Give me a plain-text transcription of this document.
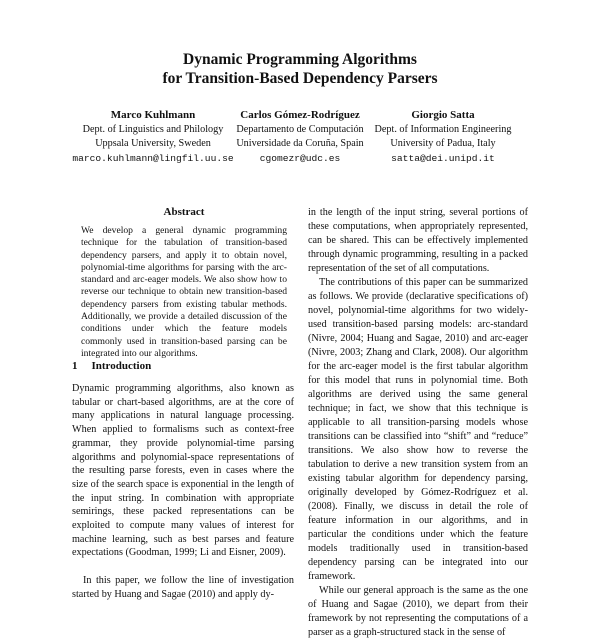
Dynamic Programming Algorithms
for Transition-Based Dependency Parsers
Marco Kuhlmann
Dept. of Linguistics and Philology
Uppsala University, Sweden
marco.kuhlmann@lingfil.uu.se
Carlos Gómez-Rodríguez
Departamento de Computación
Universidade da Coruña, Spain
cgomezr@udc.es
Giorgio Satta
Dept. of Information Engineering
University of Padua, Italy
satta@dei.unipd.it
Abstract

We develop a general dynamic programming technique for the tabulation of transition-based dependency parsers, and apply it to obtain novel, polynomial-time algorithms for parsing with the arc-standard and arc-eager models. We also show how to reverse our technique to obtain new transition-based dependency parsers from existing tabular methods. Additionally, we provide a detailed discussion of the conditions under which the feature models commonly used in transition-based parsing can be integrated into our algorithms.

1 Introduction

Dynamic programming algorithms, also known as tabular or chart-based algorithms, are at the core of many applications in natural language processing. When applied to formalisms such as context-free grammar, they provide polynomial-time parsing algorithms and polynomial-space representations of the resulting parse forests, even in cases where the size of the search space is exponential in the length of the input string. In combination with appropriate semirings, these packed representations can be exploited to compute many values of interest for machine learning, such as best parses and feature expectations (Goodman, 1999; Li and Eisner, 2009).

In this paper, we follow the line of investigation started by Huang and Sagae (2010) and apply dy-

in the length of the input string, several portions of these computations, when appropriately represented, can be shared. This can be effectively implemented through dynamic programming, resulting in a packed representation of the set of all computations.

The contributions of this paper can be summarized as follows. We provide (declarative specifications of) novel, polynomial-time algorithms for two widely-used transition-based parsing models: arc-standard (Nivre, 2004; Huang and Sagae, 2010) and arc-eager (Nivre, 2003; Zhang and Clark, 2008). Our algorithm for the arc-eager model is the first tabular algorithm for this model that runs in polynomial time. Both algorithms are derived using the same general technique; in fact, we show that this technique is applicable to all transition-parsing models whose transitions can be classified into “shift” and “reduce” transitions. We also show how to reverse the tabulation to derive a new transition system from an existing tabular algorithm for dependency parsing, originally developed by Gómez-Rodríguez et al. (2008). Finally, we discuss in detail the role of feature information in our algorithms, and in particular the conditions under which the feature models traditionally used in transition-based dependency parsing can be integrated into our framework.

While our general approach is the same as the one of Huang and Sagae (2010), we depart from their framework by not representing the computations of a parser as a graph-structured stack in the sense of
